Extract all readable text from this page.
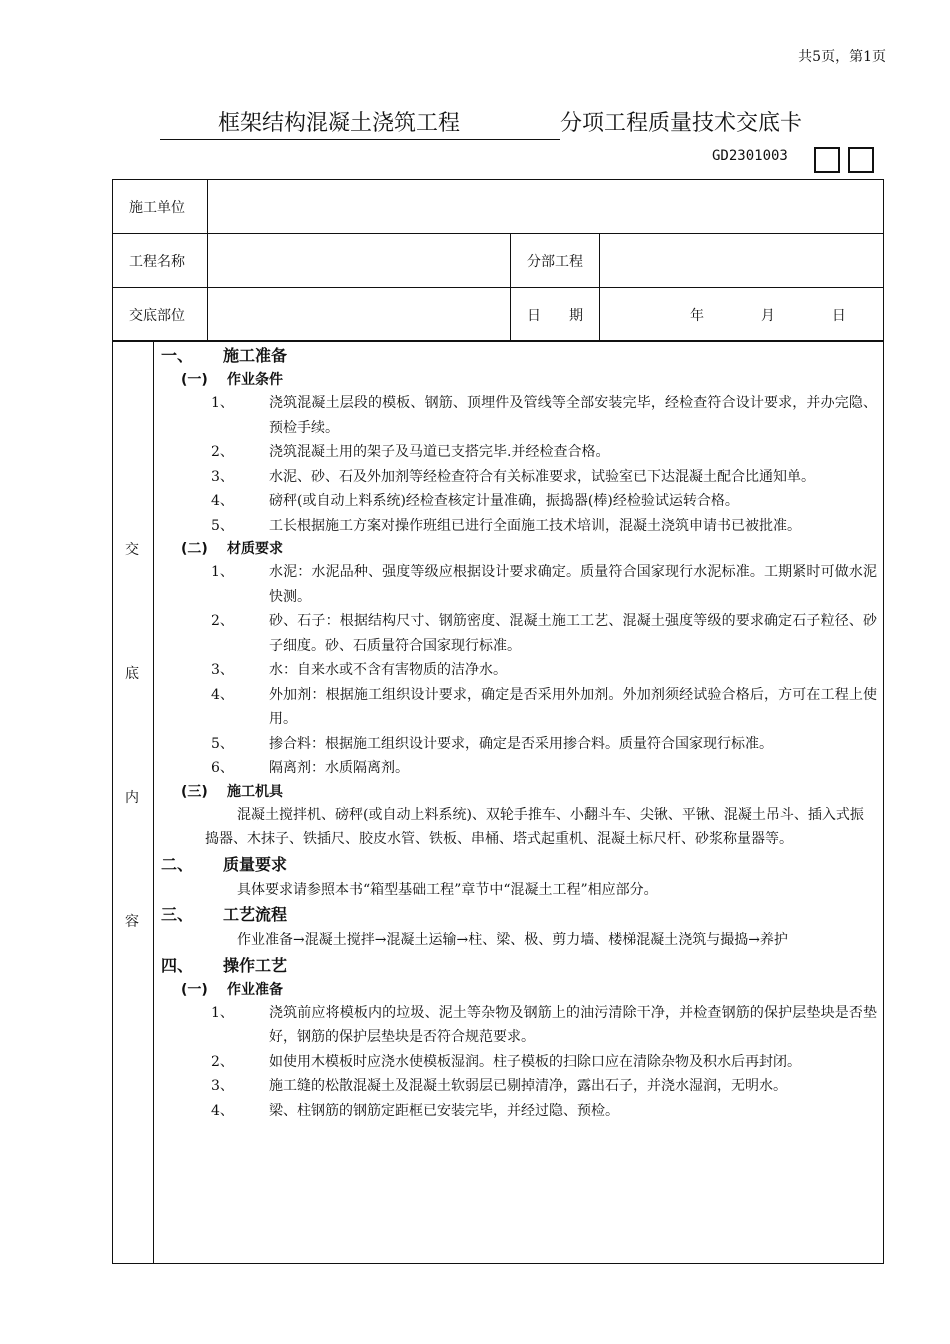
共5页，第1页
框架结构混凝土浇筑工程	分项工程质量技术交底卡
GD2301003
施工单位			
工程名称		分部工程	
交底部位		日　　期	年 月 日
交
底
内
容
一、 施工准备
(一) 作业条件
1、	浇筑混凝土层段的模板、钢筋、顶埋件及管线等全部安装完毕，经检查符合设计要求，并办完隐、预检手续。
2、	浇筑混凝土用的架子及马道已支搭完毕.并经检查合格。
3、	水泥、砂、石及外加剂等经检查符合有关标准要求，试验室已下达混凝土配合比通知单。
4、	磅秤(或自动上料系统)经检查核定计量准确，振捣器(棒)经检验试运转合格。
5、	工长根据施工方案对操作班组已进行全面施工技术培训，混凝土浇筑申请书已被批准。
(二) 材质要求
1、	水泥：水泥品种、强度等级应根据设计要求确定。质量符合国家现行水泥标准。工期紧时可做水泥快测。
2、	砂、石子：根据结构尺寸、钢筋密度、混凝土施工工艺、混凝土强度等级的要求确定石子粒径、砂子细度。砂、石质量符合国家现行标准。
3、	水：自来水或不含有害物质的洁净水。
4、	外加剂：根据施工组织设计要求，确定是否采用外加剂。外加剂须经试验合格后，方可在工程上使用。
5、	掺合料：根据施工组织设计要求，确定是否采用掺合料。质量符合国家现行标准。
6、	隔离剂：水质隔离剂。
(三) 施工机具
混凝土搅拌机、磅秤(或自动上料系统)、双轮手推车、小翻斗车、尖锹、平锹、混凝土吊斗、插入式振捣器、木抹子、铁插尺、胶皮水管、铁板、串桶、塔式起重机、混凝土标尺杆、砂浆称量器等。
二、 质量要求
具体要求请参照本书“箱型基础工程”章节中“混凝土工程”相应部分。
三、 工艺流程
作业准备→混凝土搅拌→混凝土运输→柱、梁、极、剪力墙、楼梯混凝土浇筑与撮捣→养护
四、 操作工艺
(一) 作业准备
1、	浇筑前应将模板内的垃圾、泥土等杂物及钢筋上的油污清除干净，并检查钢筋的保护层垫块是否垫好，钢筋的保护层垫块是否符合规范要求。
2、	如使用木模板时应浇水使模板湿润。柱子模板的扫除口应在清除杂物及积水后再封闭。
3、	施工缝的松散混凝土及混凝土软弱层已剔掉清净，露出石子，并浇水湿润，无明水。
4、	梁、柱钢筋的钢筋定距框已安装完毕，并经过隐、预检。
